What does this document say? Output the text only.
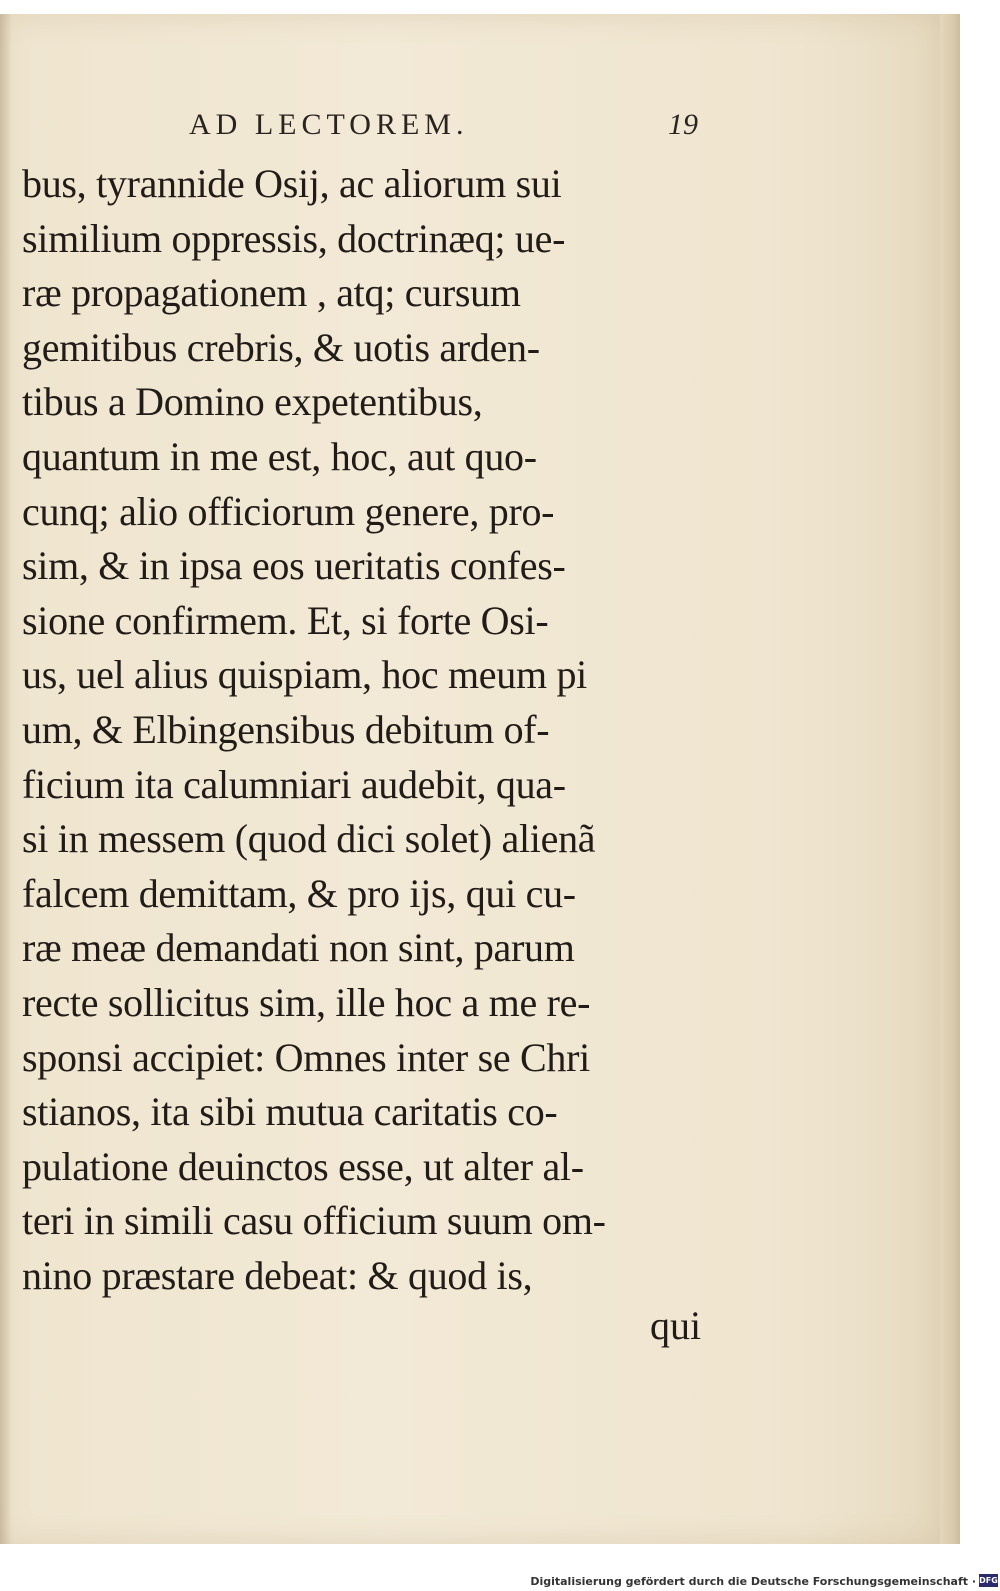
AD LECTOREM.	19
bus, tyrannide Osij, ac aliorum sui
similium oppressis, doctrinæq; ue-
ræ propagationem , atq; cursum
gemitibus crebris, & uotis arden-
tibus a Domino expetentibus,
quantum in me est, hoc, aut quo-
cunq; alio officiorum genere, pro-
sim, & in ipsa eos ueritatis confes-
sione confirmem. Et, si forte Osi-
us, uel alius quispiam, hoc meum pi
um, & Elbingensibus debitum of-
ficium ita calumniari audebit, qua-
si in messem (quod dici solet) alienã
falcem demittam, & pro ijs, qui cu-
ræ meæ demandati non sint, parum
recte sollicitus sim, ille hoc a me re-
sponsi accipiet: Omnes inter se Chri
stianos, ita sibi mutua caritatis co-
pulatione deuinctos esse, ut alter al-
teri in simili casu officium suum om-
nino præstare debeat: & quod is,
qui
Digitalisierung gefördert durch die Deutsche Forschungsgemeinschaft · DFG
